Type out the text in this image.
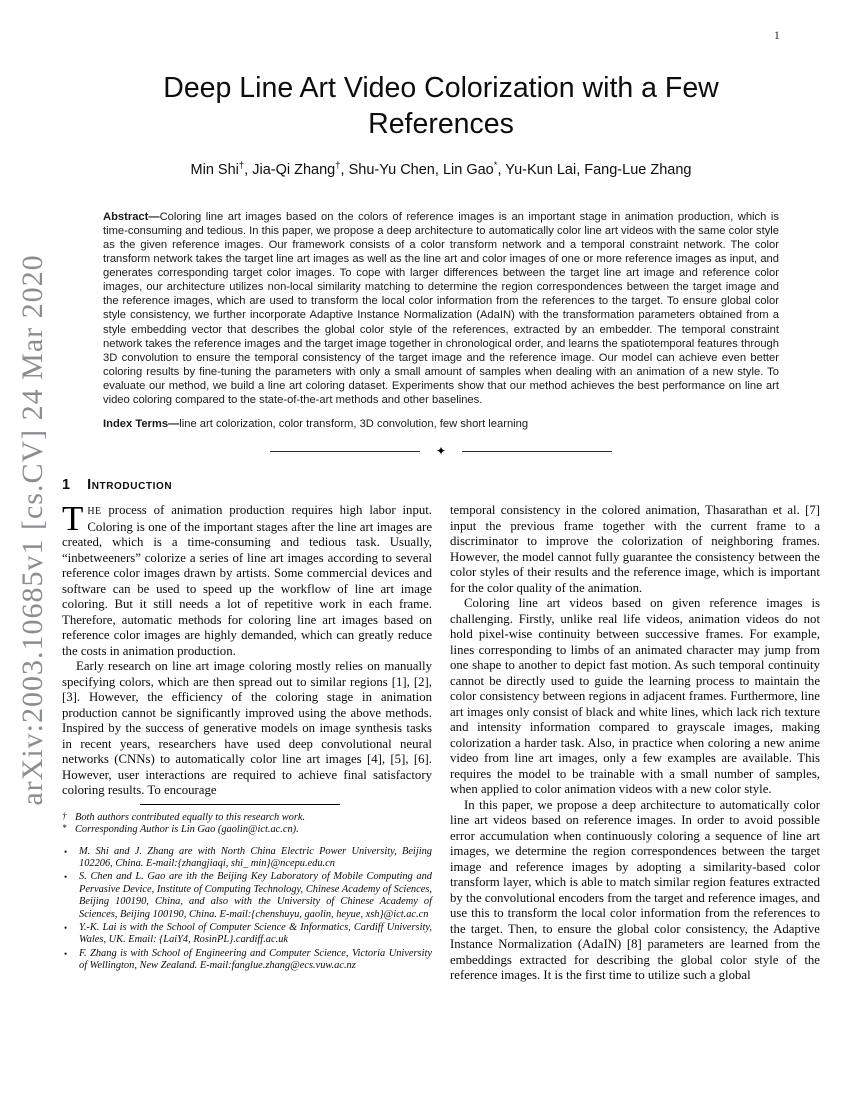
arXiv:2003.10685v1 [cs.CV] 24 Mar 2020
1
Deep Line Art Video Colorization with a Few References
Min Shi†, Jia-Qi Zhang†, Shu-Yu Chen, Lin Gao*, Yu-Kun Lai, Fang-Lue Zhang
Abstract—Coloring line art images based on the colors of reference images is an important stage in animation production, which is time-consuming and tedious. In this paper, we propose a deep architecture to automatically color line art videos with the same color style as the given reference images. Our framework consists of a color transform network and a temporal constraint network. The color transform network takes the target line art images as well as the line art and color images of one or more reference images as input, and generates corresponding target color images. To cope with larger differences between the target line art image and reference color images, our architecture utilizes non-local similarity matching to determine the region correspondences between the target image and the reference images, which are used to transform the local color information from the references to the target. To ensure global color style consistency, we further incorporate Adaptive Instance Normalization (AdaIN) with the transformation parameters obtained from a style embedding vector that describes the global color style of the references, extracted by an embedder. The temporal constraint network takes the reference images and the target image together in chronological order, and learns the spatiotemporal features through 3D convolution to ensure the temporal consistency of the target image and the reference image. Our model can achieve even better coloring results by fine-tuning the parameters with only a small amount of samples when dealing with an animation of a new style. To evaluate our method, we build a line art coloring dataset. Experiments show that our method achieves the best performance on line art video coloring compared to the state-of-the-art methods and other baselines.
Index Terms—line art colorization, color transform, 3D convolution, few short learning
✦
1 Introduction

THE process of animation production requires high labor input. Coloring is one of the important stages after the line art images are created, which is a time-consuming and tedious task. Usually, “inbetweeners” colorize a series of line art images according to several reference color images drawn by artists. Some commercial devices and software can be used to speed up the workflow of line art image coloring. But it still needs a lot of repetitive work in each frame. Therefore, automatic methods for coloring line art images based on reference color images are highly demanded, which can greatly reduce the costs in animation production.

Early research on line art image coloring mostly relies on manually specifying colors, which are then spread out to similar regions [1], [2], [3]. However, the efficiency of the coloring stage in animation production cannot be significantly improved using the above methods. Inspired by the success of generative models on image synthesis tasks in recent years, researchers have used deep convolutional neural networks (CNNs) to automatically color line art images [4], [5], [6]. However, user interactions are required to achieve final satisfactory coloring results. To encourage

† Both authors contributed equally to this research work.
* Corresponding Author is Lin Gao (gaolin@ict.ac.cn).
• M. Shi and J. Zhang are with North China Electric Power University, Beijing 102206, China. E-mail:{zhangjiaqi, shi_ min}@ncepu.edu.cn
• S. Chen and L. Gao are ith the Beijing Key Laboratory of Mobile Computing and Pervasive Device, Institute of Computing Technology, Chinese Academy of Sciences, Beijing 100190, China, and also with the University of Chinese Academy of Sciences, Beijing 100190, China. E-mail:{chenshuyu, gaolin, heyue, xsh}@ict.ac.cn
• Y.-K. Lai is with the School of Computer Science & Informatics, Cardiff University, Wales, UK. Email: {LaiY4, RosinPL}.cardiff.ac.uk
• F. Zhang is with School of Engineering and Computer Science, Victoria University of Wellington, New Zealand. E-mail:fanglue.zhang@ecs.vuw.ac.nz

temporal consistency in the colored animation, Thasarathan et al. [7] input the previous frame together with the current frame to a discriminator to improve the colorization of neighboring frames. However, the model cannot fully guarantee the consistency between the color styles of their results and the reference image, which is important for the color quality of the animation.

Coloring line art videos based on given reference images is challenging. Firstly, unlike real life videos, animation videos do not hold pixel-wise continuity between successive frames. For example, lines corresponding to limbs of an animated character may jump from one shape to another to depict fast motion. As such temporal continuity cannot be directly used to guide the learning process to maintain the color consistency between regions in adjacent frames. Furthermore, line art images only consist of black and white lines, which lack rich texture and intensity information compared to grayscale images, making colorization a harder task. Also, in practice when coloring a new anime video from line art images, only a few examples are available. This requires the model to be trainable with a small number of samples, when applied to color animation videos with a new color style.

In this paper, we propose a deep architecture to automatically color line art videos based on reference images. In order to avoid possible error accumulation when continuously coloring a sequence of line art images, we determine the region correspondences between the target image and reference images by adopting a similarity-based color transform layer, which is able to match similar region features extracted by the convolutional encoders from the target and reference images, and use this to transform the local color information from the references to the target. Then, to ensure the global color consistency, the Adaptive Instance Normalization (AdaIN) [8] parameters are learned from the embeddings extracted for describing the global color style of the reference images. It is the first time to utilize such a global
